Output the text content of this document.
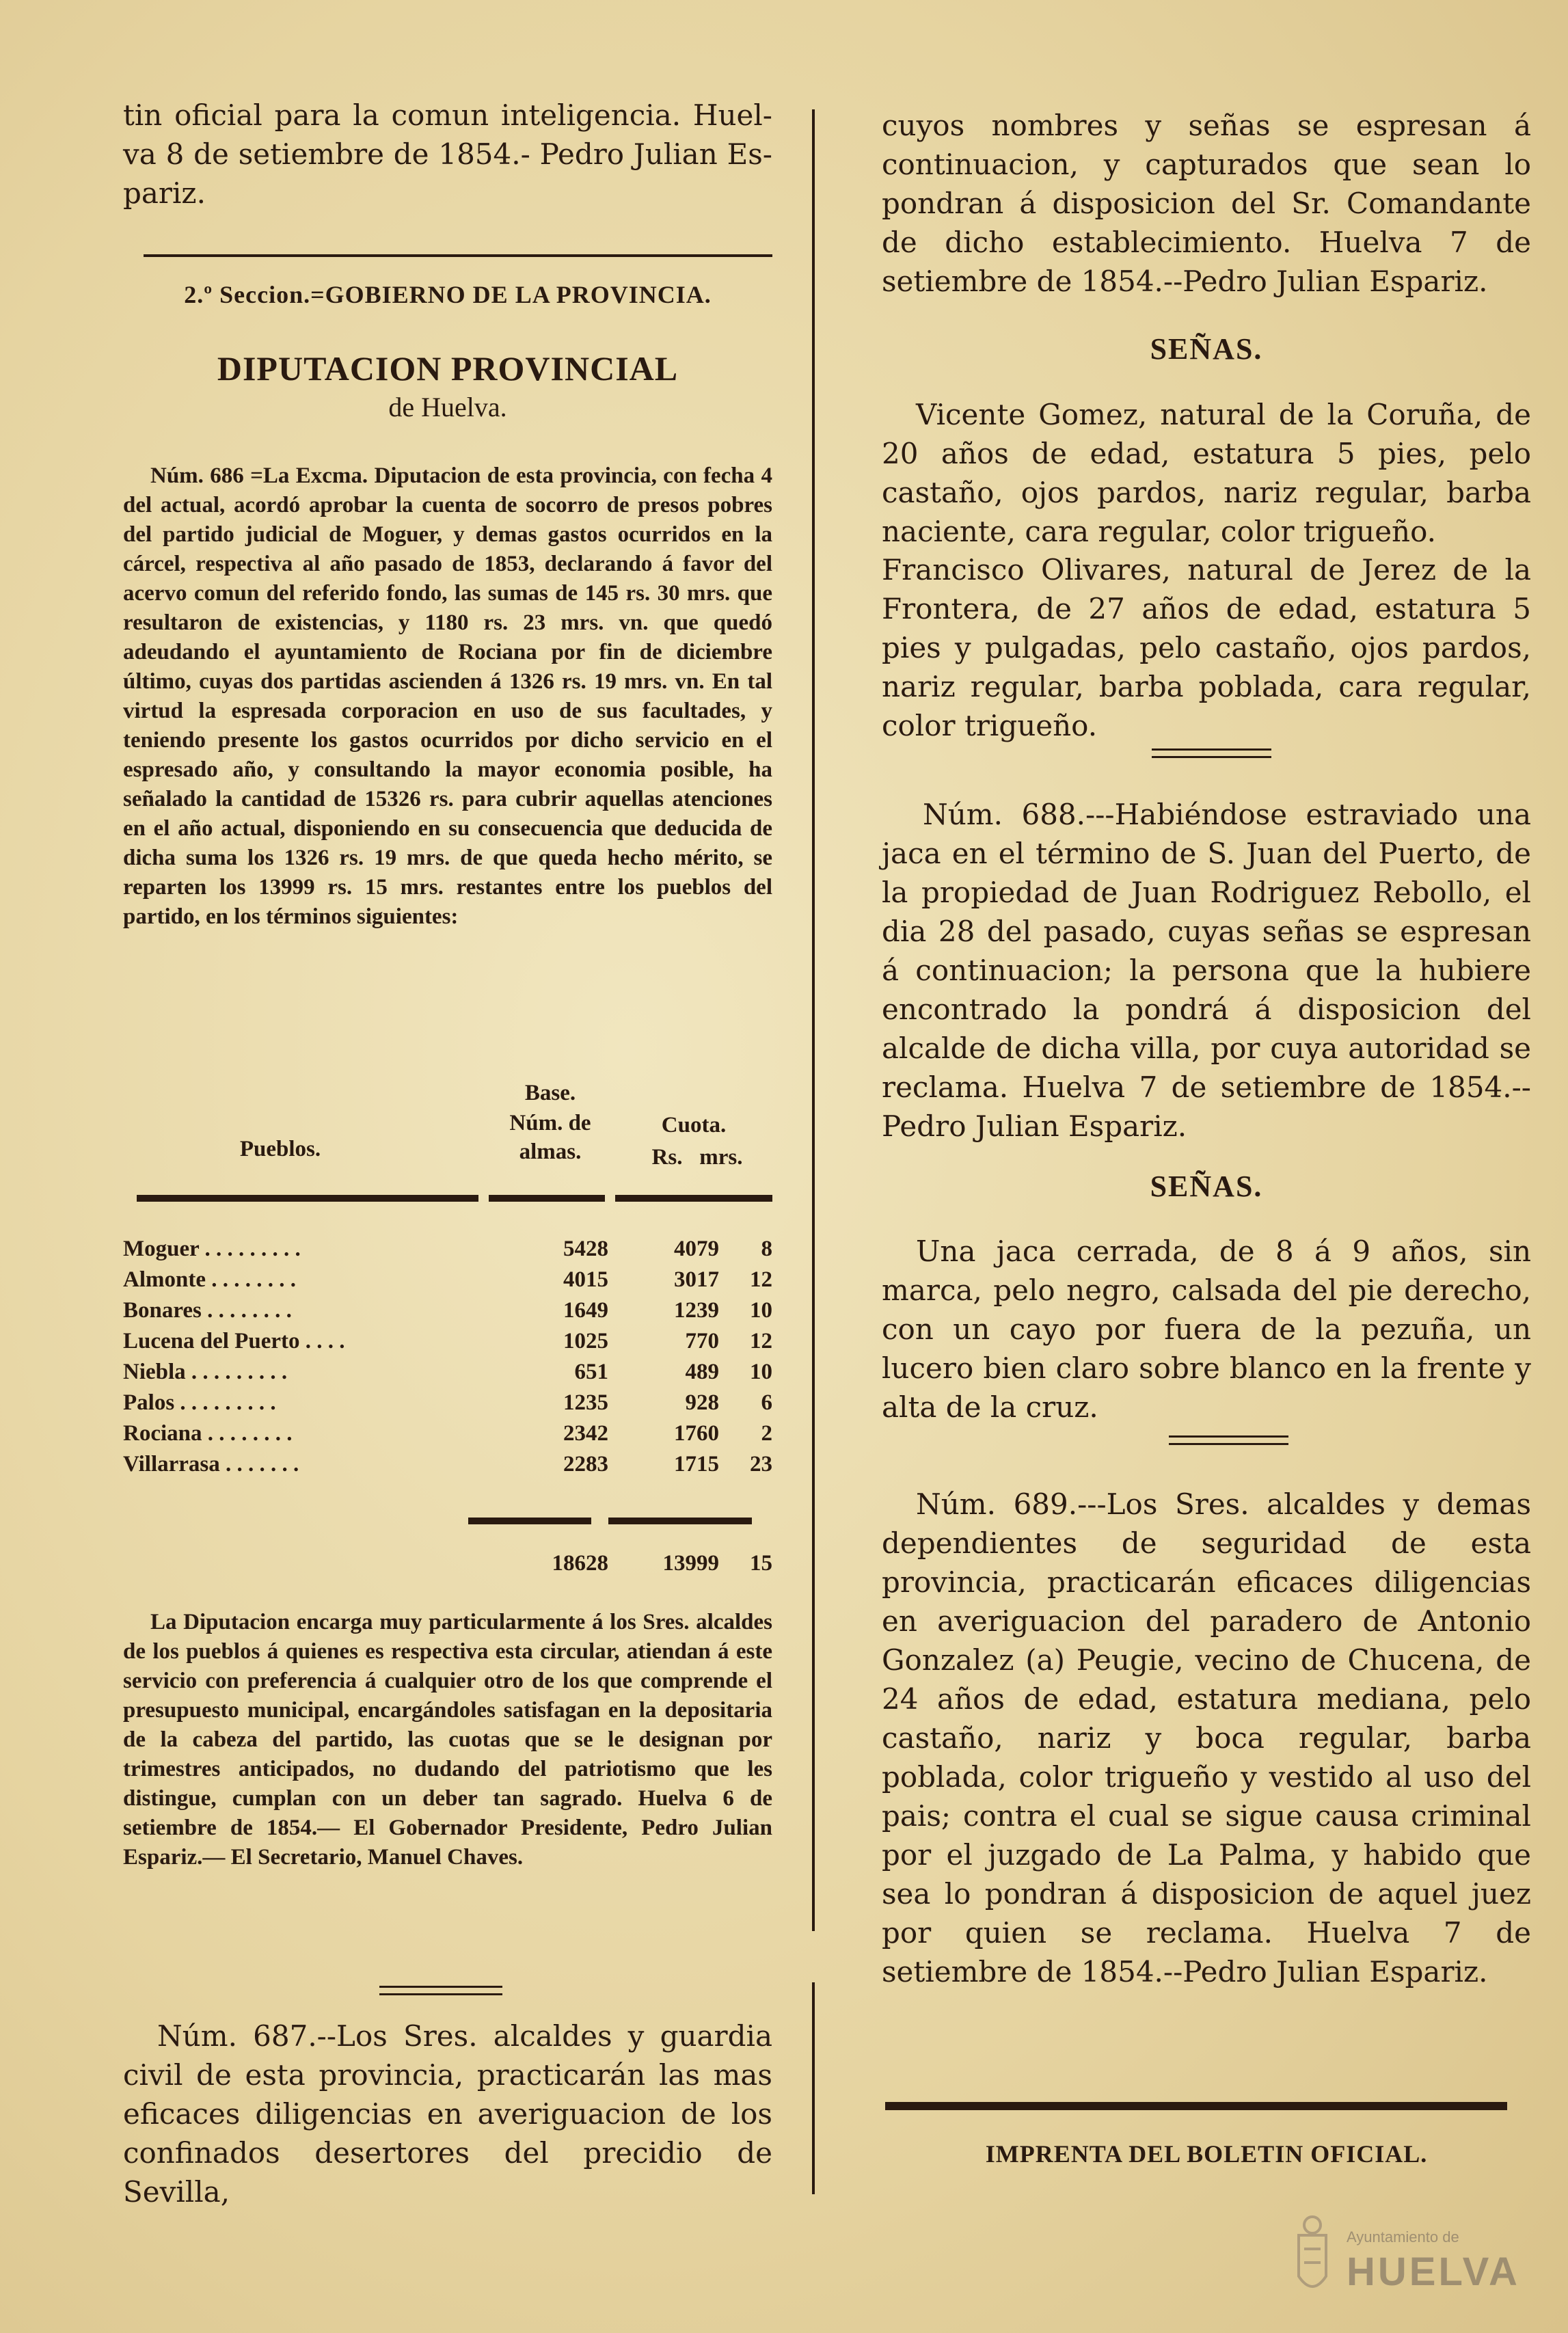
tin oficial para la comun inteligencia. Huel-va 8 de setiembre de 1854.- Pedro Julian Es-pariz.

2.º Seccion.=GOBIERNO DE LA PROVINCIA.

DIPUTACION PROVINCIAL

de Huelva.

Núm. 686 =La Excma. Diputacion de esta provincia, con fecha 4 del actual, acordó aprobar la cuenta de socorro de presos pobres del partido judicial de Moguer, y demas gastos ocurridos en la cárcel, respectiva al año pasado de 1853, declarando á favor del acervo comun del referido fondo, las sumas de 145 rs. 30 mrs. que resultaron de existencias, y 1180 rs. 23 mrs. vn. que quedó adeudando el ayuntamiento de Rociana por fin de diciembre último, cuyas dos partidas ascienden á 1326 rs. 19 mrs. vn. En tal virtud la espresada corporacion en uso de sus facultades, y teniendo presente los gastos ocurridos por dicho servicio en el espresado año, y consultando la mayor economia posible, ha señalado la cantidad de 15326 rs. para cubrir aquellas atenciones en el año actual, disponiendo en su consecuencia que deducida de dicha suma los 1326 rs. 19 mrs. de que queda hecho mérito, se reparten los 13999 rs. 15 mrs. restantes entre los pueblos del partido, en los términos siguientes:

Base.
Núm. de almas.
Pueblos.
Cuota.
Rs.   mrs.
Moguer . . . . . . . . .	5428	4079	8
Almonte . . . . . . . .	4015	3017	12
Bonares . . . . . . . .	1649	1239	10
Lucena del Puerto . . . .	1025	770	12
Niebla . . . . . . . . .	651	489	10
Palos . . . . . . . . .	1235	928	6
Rociana . . . . . . . .	2342	1760	2
Villarrasa . . . . . . .	2283	1715	23
	18628	13999	15

La Diputacion encarga muy particularmente á los Sres. alcaldes de los pueblos á quienes es respectiva esta circular, atiendan á este servicio con preferencia á cualquier otro de los que comprende el presupuesto municipal, encargándoles satisfagan en la depositaria de la cabeza del partido, las cuotas que se le designan por trimestres anticipados, no dudando del patriotismo que les distingue, cumplan con un deber tan sagrado. Huelva 6 de setiembre de 1854.— El Gobernador Presidente, Pedro Julian Espariz.— El Secretario, Manuel Chaves.

Núm. 687.--Los Sres. alcaldes y guardia civil de esta provincia, practicarán las mas eficaces diligencias en averiguacion de los confinados desertores del precidio de Sevilla,

cuyos nombres y señas se espresan á continuacion, y capturados que sean lo pondran á disposicion del Sr. Comandante de dicho establecimiento. Huelva 7 de setiembre de 1854.--Pedro Julian Espariz.

SEÑAS.

Vicente Gomez, natural de la Coruña, de 20 años de edad, estatura 5 pies, pelo castaño, ojos pardos, nariz regular, barba naciente, cara regular, color trigueño.

Francisco Olivares, natural de Jerez de la Frontera, de 27 años de edad, estatura 5 pies y pulgadas, pelo castaño, ojos pardos, nariz regular, barba poblada, cara regular, color trigueño.

Núm. 688.---Habiéndose estraviado una jaca en el término de S. Juan del Puerto, de la propiedad de Juan Rodriguez Rebollo, el dia 28 del pasado, cuyas señas se espresan á continuacion; la persona que la hubiere encontrado la pondrá á disposicion del alcalde de dicha villa, por cuya autoridad se reclama. Huelva 7 de setiembre de 1854.--Pedro Julian Espariz.

SEÑAS.

Una jaca cerrada, de 8 á 9 años, sin marca, pelo negro, calsada del pie derecho, con un cayo por fuera de la pezuña, un lucero bien claro sobre blanco en la frente y alta de la cruz.

Núm. 689.---Los Sres. alcaldes y demas dependientes de seguridad de esta provincia, practicarán eficaces diligencias en averiguacion del paradero de Antonio Gonzalez (a) Peugie, vecino de Chucena, de 24 años de edad, estatura mediana, pelo castaño, nariz y boca regular, barba poblada, color trigueño y vestido al uso del pais; contra el cual se sigue causa criminal por el juzgado de La Palma, y habido que sea lo pondran á disposicion de aquel juez por quien se reclama. Huelva 7 de setiembre de 1854.--Pedro Julian Espariz.

IMPRENTA DEL BOLETIN OFICIAL.

Ayuntamiento de
HUELVA
